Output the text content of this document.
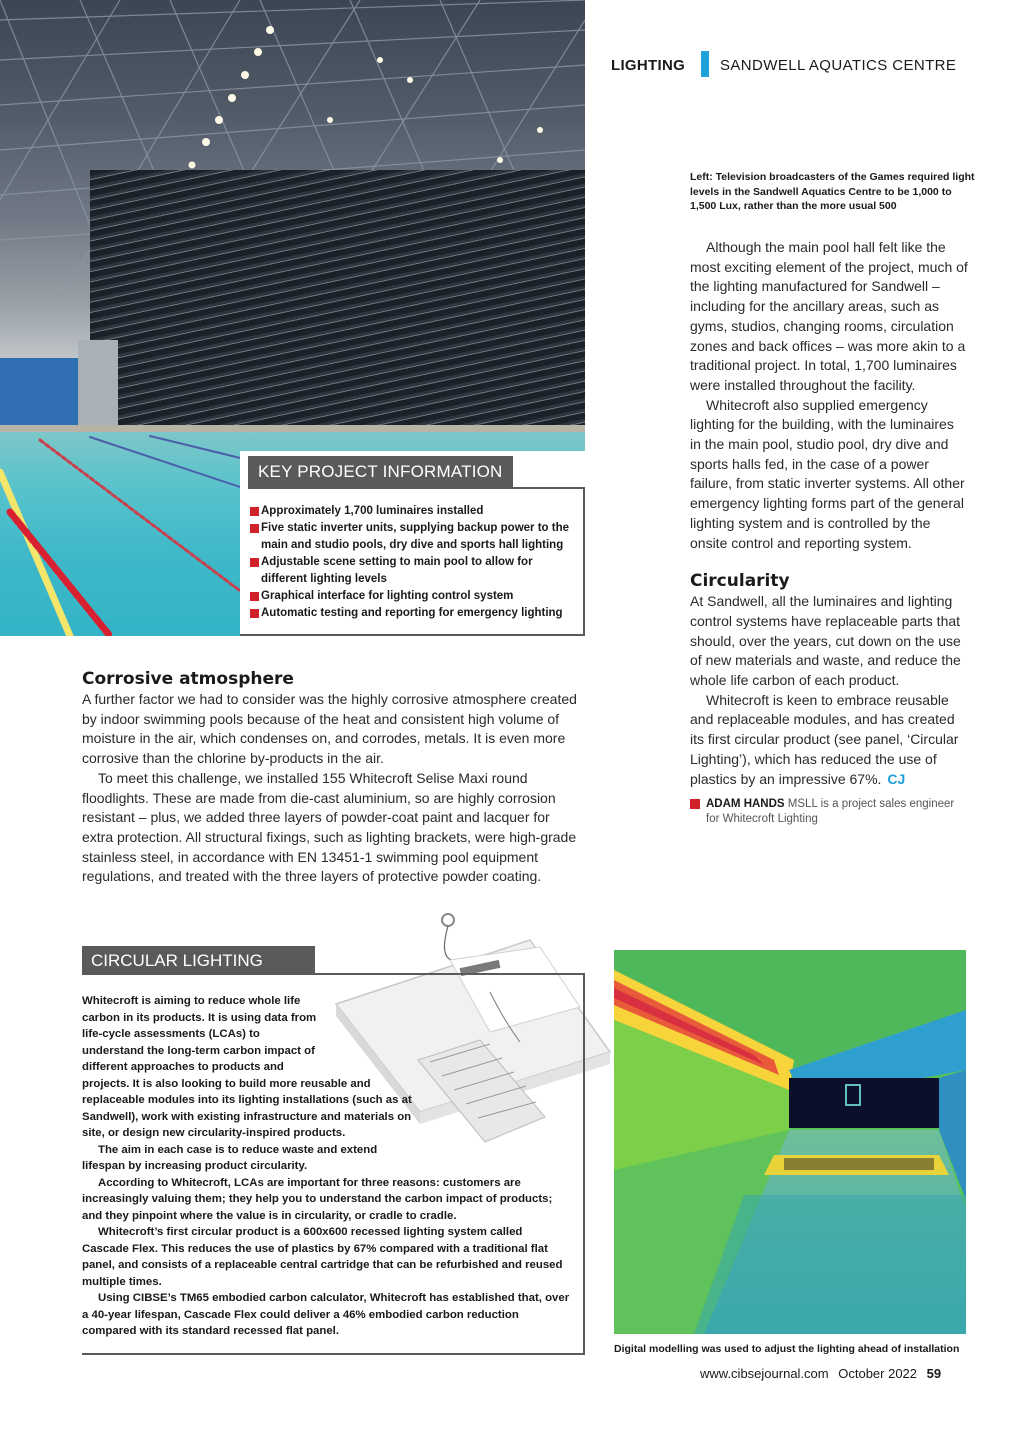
LIGHTING SANDWELL AQUATICS CENTRE
Left: Television broadcasters of the Games required light levels in the Sandwell Aquatics Centre to be 1,000 to 1,500 Lux, rather than the more usual 500

Although the main pool hall felt like the most exciting element of the project, much of the lighting manufactured for Sandwell – including for the ancillary areas, such as gyms, studios, changing rooms, circulation zones and back offices – was more akin to a traditional project. In total, 1,700 luminaires were installed throughout the facility.

Whitecroft also supplied emergency lighting for the building, with the luminaires in the main pool, studio pool, dry dive and sports halls fed, in the case of a power failure, from static inverter systems. All other emergency lighting forms part of the general lighting system and is controlled by the onsite control and reporting system.

Circularity

At Sandwell, all the luminaires and lighting control systems have replaceable parts that should, over the years, cut down on the use of new materials and waste, and reduce the whole life carbon of each product.

Whitecroft is keen to embrace reusable and replaceable modules, and has created its first circular product (see panel, ‘Circular Lighting’), which has reduced the use of plastics by an impressive 67%. CJ

ADAM HANDS MSLL is a project sales engineer for Whitecroft Lighting
KEY PROJECT INFORMATION
Approximately 1,700 luminaires installed
Five static inverter units, supplying backup power to the main and studio pools, dry dive and sports hall lighting
Adjustable scene setting to main pool to allow for different lighting levels
Graphical interface for lighting control system
Automatic testing and reporting for emergency lighting
Corrosive atmosphere

A further factor we had to consider was the highly corrosive atmosphere created by indoor swimming pools because of the heat and consistent high volume of moisture in the air, which condenses on, and corrodes, metals. It is even more corrosive than the chlorine by-products in the air.

To meet this challenge, we installed 155 Whitecroft Selise Maxi round floodlights. These are made from die-cast aluminium, so are highly corrosion resistant – plus, we added three layers of powder-coat paint and lacquer for extra protection. All structural fixings, such as lighting brackets, were high-grade stainless steel, in accordance with EN 13451-1 swimming pool equipment regulations, and treated with the three layers of protective powder coating.

CIRCULAR LIGHTING

Whitecroft is aiming to reduce whole life carbon in its products. It is using data from life-cycle assessments (LCAs) to understand the long-term carbon impact of different approaches to products and

projects. It is also looking to build more reusable and replaceable modules into its lighting installations (such as at Sandwell), work with existing infrastructure and materials on site, or design new circularity-inspired products.

The aim in each case is to reduce waste and extend lifespan by increasing product circularity.

According to Whitecroft, LCAs are important for three reasons: customers are increasingly valuing them; they help you to understand the carbon impact of products; and they pinpoint where the value is in circularity, or cradle to cradle.

Whitecroft’s first circular product is a 600x600 recessed lighting system called Cascade Flex. This reduces the use of plastics by 67% compared with a traditional flat panel, and consists of a replaceable central cartridge that can be refurbished and reused multiple times.

Using CIBSE’s TM65 embodied carbon calculator, Whitecroft has established that, over a 40-year lifespan, Cascade Flex could deliver a 46% embodied carbon reduction compared with its standard recessed flat panel.

Digital modelling was used to adjust the lighting ahead of installation
www.cibsejournal.com October 2022 59
